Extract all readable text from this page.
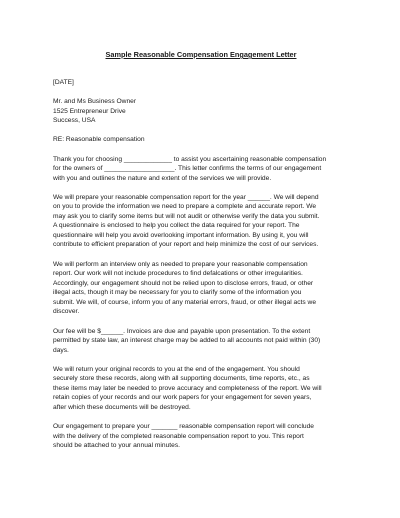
Sample Reasonable Compensation Engagement Letter
[DATE]
Mr. and Ms Business Owner
1525 Entrepreneur Drive
Success, USA
RE: Reasonable compensation
Thank you for choosing _____________ to assist you ascertaining reasonable compensation
for the owners of ___________________. This letter confirms the terms of our engagement
with you and outlines the nature and extent of the services we will provide.
We will prepare your reasonable compensation report for the year ______. We will depend
on you to provide the information we need to prepare a complete and accurate report. We
may ask you to clarify some items but will not audit or otherwise verify the data you submit.
A questionnaire is enclosed to help you collect the data required for your report. The
questionnaire will help you avoid overlooking important information. By using it, you will
contribute to efficient preparation of your report and help minimize the cost of our services.
We will perform an interview only as needed to prepare your reasonable compensation
report. Our work will not include procedures to find defalcations or other irregularities.
Accordingly, our engagement should not be relied upon to disclose errors, fraud, or other
illegal acts, though it may be necessary for you to clarify some of the information you
submit. We will, of course, inform you of any material errors, fraud, or other illegal acts we
discover.
Our fee will be $______. Invoices are due and payable upon presentation. To the extent
permitted by state law, an interest charge may be added to all accounts not paid within (30)
days.
We will return your original records to you at the end of the engagement. You should
securely store these records, along with all supporting documents, time reports, etc., as
these items may later be needed to prove accuracy and completeness of the report. We will
retain copies of your records and our work papers for your engagement for seven years,
after which these documents will be destroyed.
Our engagement to prepare your _______ reasonable compensation report will conclude
with the delivery of the completed reasonable compensation report to you. This report
should be attached to your annual minutes.
